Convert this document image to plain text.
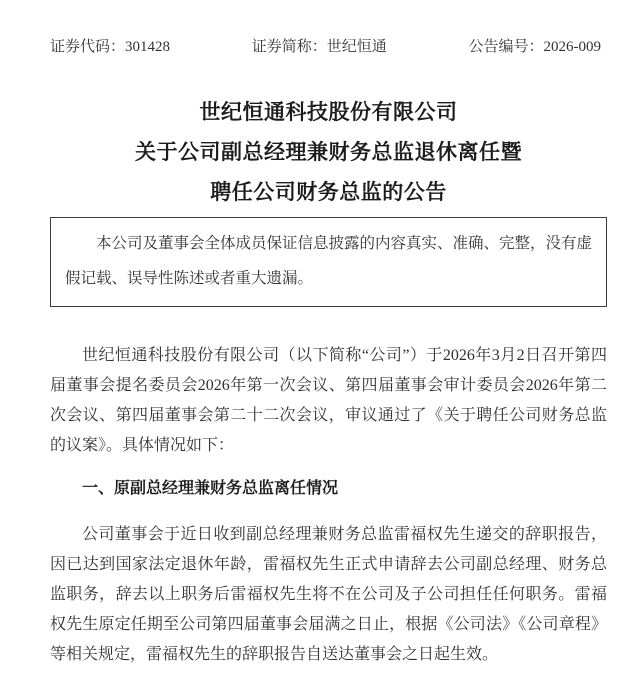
证券代码：301428	证券简称：世纪恒通	公告编号：2026-009
世纪恒通科技股份有限公司
关于公司副总经理兼财务总监退休离任暨
聘任公司财务总监的公告

本公司及董事会全体成员保证信息披露的内容真实、准确、完整，没有虚假记载、误导性陈述或者重大遗漏。

世纪恒通科技股份有限公司（以下简称“公司”）于2026年3月2日召开第四届董事会提名委员会2026年第一次会议、第四届董事会审计委员会2026年第二次会议、第四届董事会第二十二次会议，审议通过了《关于聘任公司财务总监的议案》。具体情况如下：

一、原副总经理兼财务总监离任情况

公司董事会于近日收到副总经理兼财务总监雷福权先生递交的辞职报告，因已达到国家法定退休年龄，雷福权先生正式申请辞去公司副总经理、财务总监职务，辞去以上职务后雷福权先生将不在公司及子公司担任任何职务。雷福权先生原定任期至公司第四届董事会届满之日止，根据《公司法》《公司章程》等相关规定，雷福权先生的辞职报告自送达董事会之日起生效。
